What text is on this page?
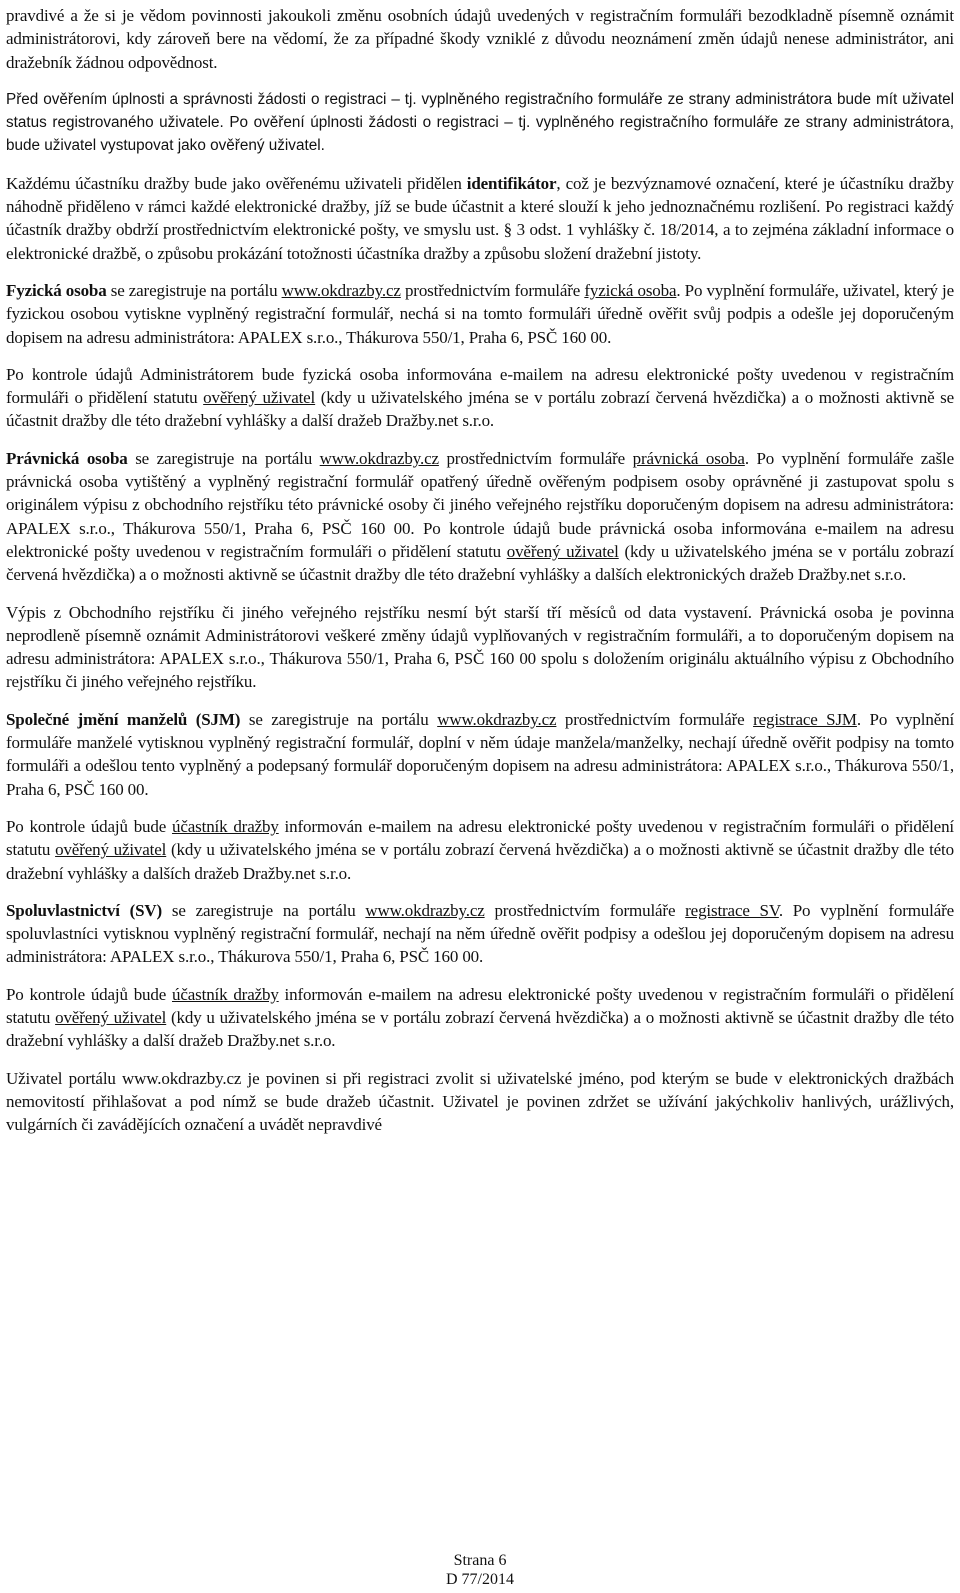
pravdivé a že si je vědom povinnosti jakoukoli změnu osobních údajů uvedených v registračním formuláři bezodkladně písemně oznámit administrátorovi, kdy zároveň bere na vědomí, že za případné škody vzniklé z důvodu neoznámení změn údajů nenese administrátor, ani dražebník žádnou odpovědnost.

Před ověřením úplnosti a správnosti žádosti o registraci – tj. vyplněného registračního formuláře ze strany administrátora bude mít uživatel status registrovaného uživatele. Po ověření úplnosti žádosti o registraci – tj. vyplněného registračního formuláře ze strany administrátora, bude uživatel vystupovat jako ověřený uživatel.

Každému účastníku dražby bude jako ověřenému uživateli přidělen identifikátor, což je bezvýznamové označení, které je účastníku dražby náhodně přiděleno v rámci každé elektronické dražby, jíž se bude účastnit a které slouží k jeho jednoznačnému rozlišení. Po registraci každý účastník dražby obdrží prostřednictvím elektronické pošty, ve smyslu ust. § 3 odst. 1 vyhlášky č. 18/2014, a to zejména základní informace o elektronické dražbě, o způsobu prokázání totožnosti účastníka dražby a způsobu složení dražební jistoty.

Fyzická osoba se zaregistruje na portálu www.okdrazby.cz prostřednictvím formuláře fyzická osoba. Po vyplnění formuláře, uživatel, který je fyzickou osobou vytiskne vyplněný registrační formulář, nechá si na tomto formuláři úředně ověřit svůj podpis a odešle jej doporučeným dopisem na adresu administrátora: APALEX s.r.o., Thákurova 550/1, Praha 6, PSČ 160 00.

Po kontrole údajů Administrátorem bude fyzická osoba informována e-mailem na adresu elektronické pošty uvedenou v registračním formuláři o přidělení statutu ověřený uživatel (kdy u uživatelského jména se v portálu zobrazí červená hvězdička) a o možnosti aktivně se účastnit dražby dle této dražební vyhlášky a další dražeb Dražby.net s.r.o.

Právnická osoba se zaregistruje na portálu www.okdrazby.cz prostřednictvím formuláře právnická osoba. Po vyplnění formuláře zašle právnická osoba vytištěný a vyplněný registrační formulář opatřený úředně ověřeným podpisem osoby oprávněné ji zastupovat spolu s originálem výpisu z obchodního rejstříku této právnické osoby či jiného veřejného rejstříku doporučeným dopisem na adresu administrátora: APALEX s.r.o., Thákurova 550/1, Praha 6, PSČ 160 00. Po kontrole údajů bude právnická osoba informována e-mailem na adresu elektronické pošty uvedenou v registračním formuláři o přidělení statutu ověřený uživatel (kdy u uživatelského jména se v portálu zobrazí červená hvězdička) a o možnosti aktivně se účastnit dražby dle této dražební vyhlášky a dalších elektronických dražeb Dražby.net s.r.o.

Výpis z Obchodního rejstříku či jiného veřejného rejstříku nesmí být starší tří měsíců od data vystavení. Právnická osoba je povinna neprodleně písemně oznámit Administrátorovi veškeré změny údajů vyplňovaných v registračním formuláři, a to doporučeným dopisem na adresu administrátora: APALEX s.r.o., Thákurova 550/1, Praha 6, PSČ 160 00 spolu s doložením originálu aktuálního výpisu z Obchodního rejstříku či jiného veřejného rejstříku.

Společné jmění manželů (SJM) se zaregistruje na portálu www.okdrazby.cz prostřednictvím formuláře registrace SJM. Po vyplnění formuláře manželé vytisknou vyplněný registrační formulář, doplní v něm údaje manžela/manželky, nechají úředně ověřit podpisy na tomto formuláři a odešlou tento vyplněný a podepsaný formulář doporučeným dopisem na adresu administrátora: APALEX s.r.o., Thákurova 550/1, Praha 6, PSČ 160 00.

Po kontrole údajů bude účastník dražby informován e-mailem na adresu elektronické pošty uvedenou v registračním formuláři o přidělení statutu ověřený uživatel (kdy u uživatelského jména se v portálu zobrazí červená hvězdička) a o možnosti aktivně se účastnit dražby dle této dražební vyhlášky a dalších dražeb Dražby.net s.r.o.

Spoluvlastnictví (SV) se zaregistruje na portálu www.okdrazby.cz prostřednictvím formuláře registrace SV. Po vyplnění formuláře spoluvlastníci vytisknou vyplněný registrační formulář, nechají na něm úředně ověřit podpisy a odešlou jej doporučeným dopisem na adresu administrátora: APALEX s.r.o., Thákurova 550/1, Praha 6, PSČ 160 00.

Po kontrole údajů bude účastník dražby informován e-mailem na adresu elektronické pošty uvedenou v registračním formuláři o přidělení statutu ověřený uživatel (kdy u uživatelského jména se v portálu zobrazí červená hvězdička) a o možnosti aktivně se účastnit dražby dle této dražební vyhlášky a další dražeb Dražby.net s.r.o.

Uživatel portálu www.okdrazby.cz je povinen si při registraci zvolit si uživatelské jméno, pod kterým se bude v elektronických dražbách nemovitostí přihlašovat a pod nímž se bude dražeb účastnit. Uživatel je povinen zdržet se užívání jakýchkoliv hanlivých, urážlivých, vulgárních či zavádějících označení a uvádět nepravdivé

Strana 6
D 77/2014
